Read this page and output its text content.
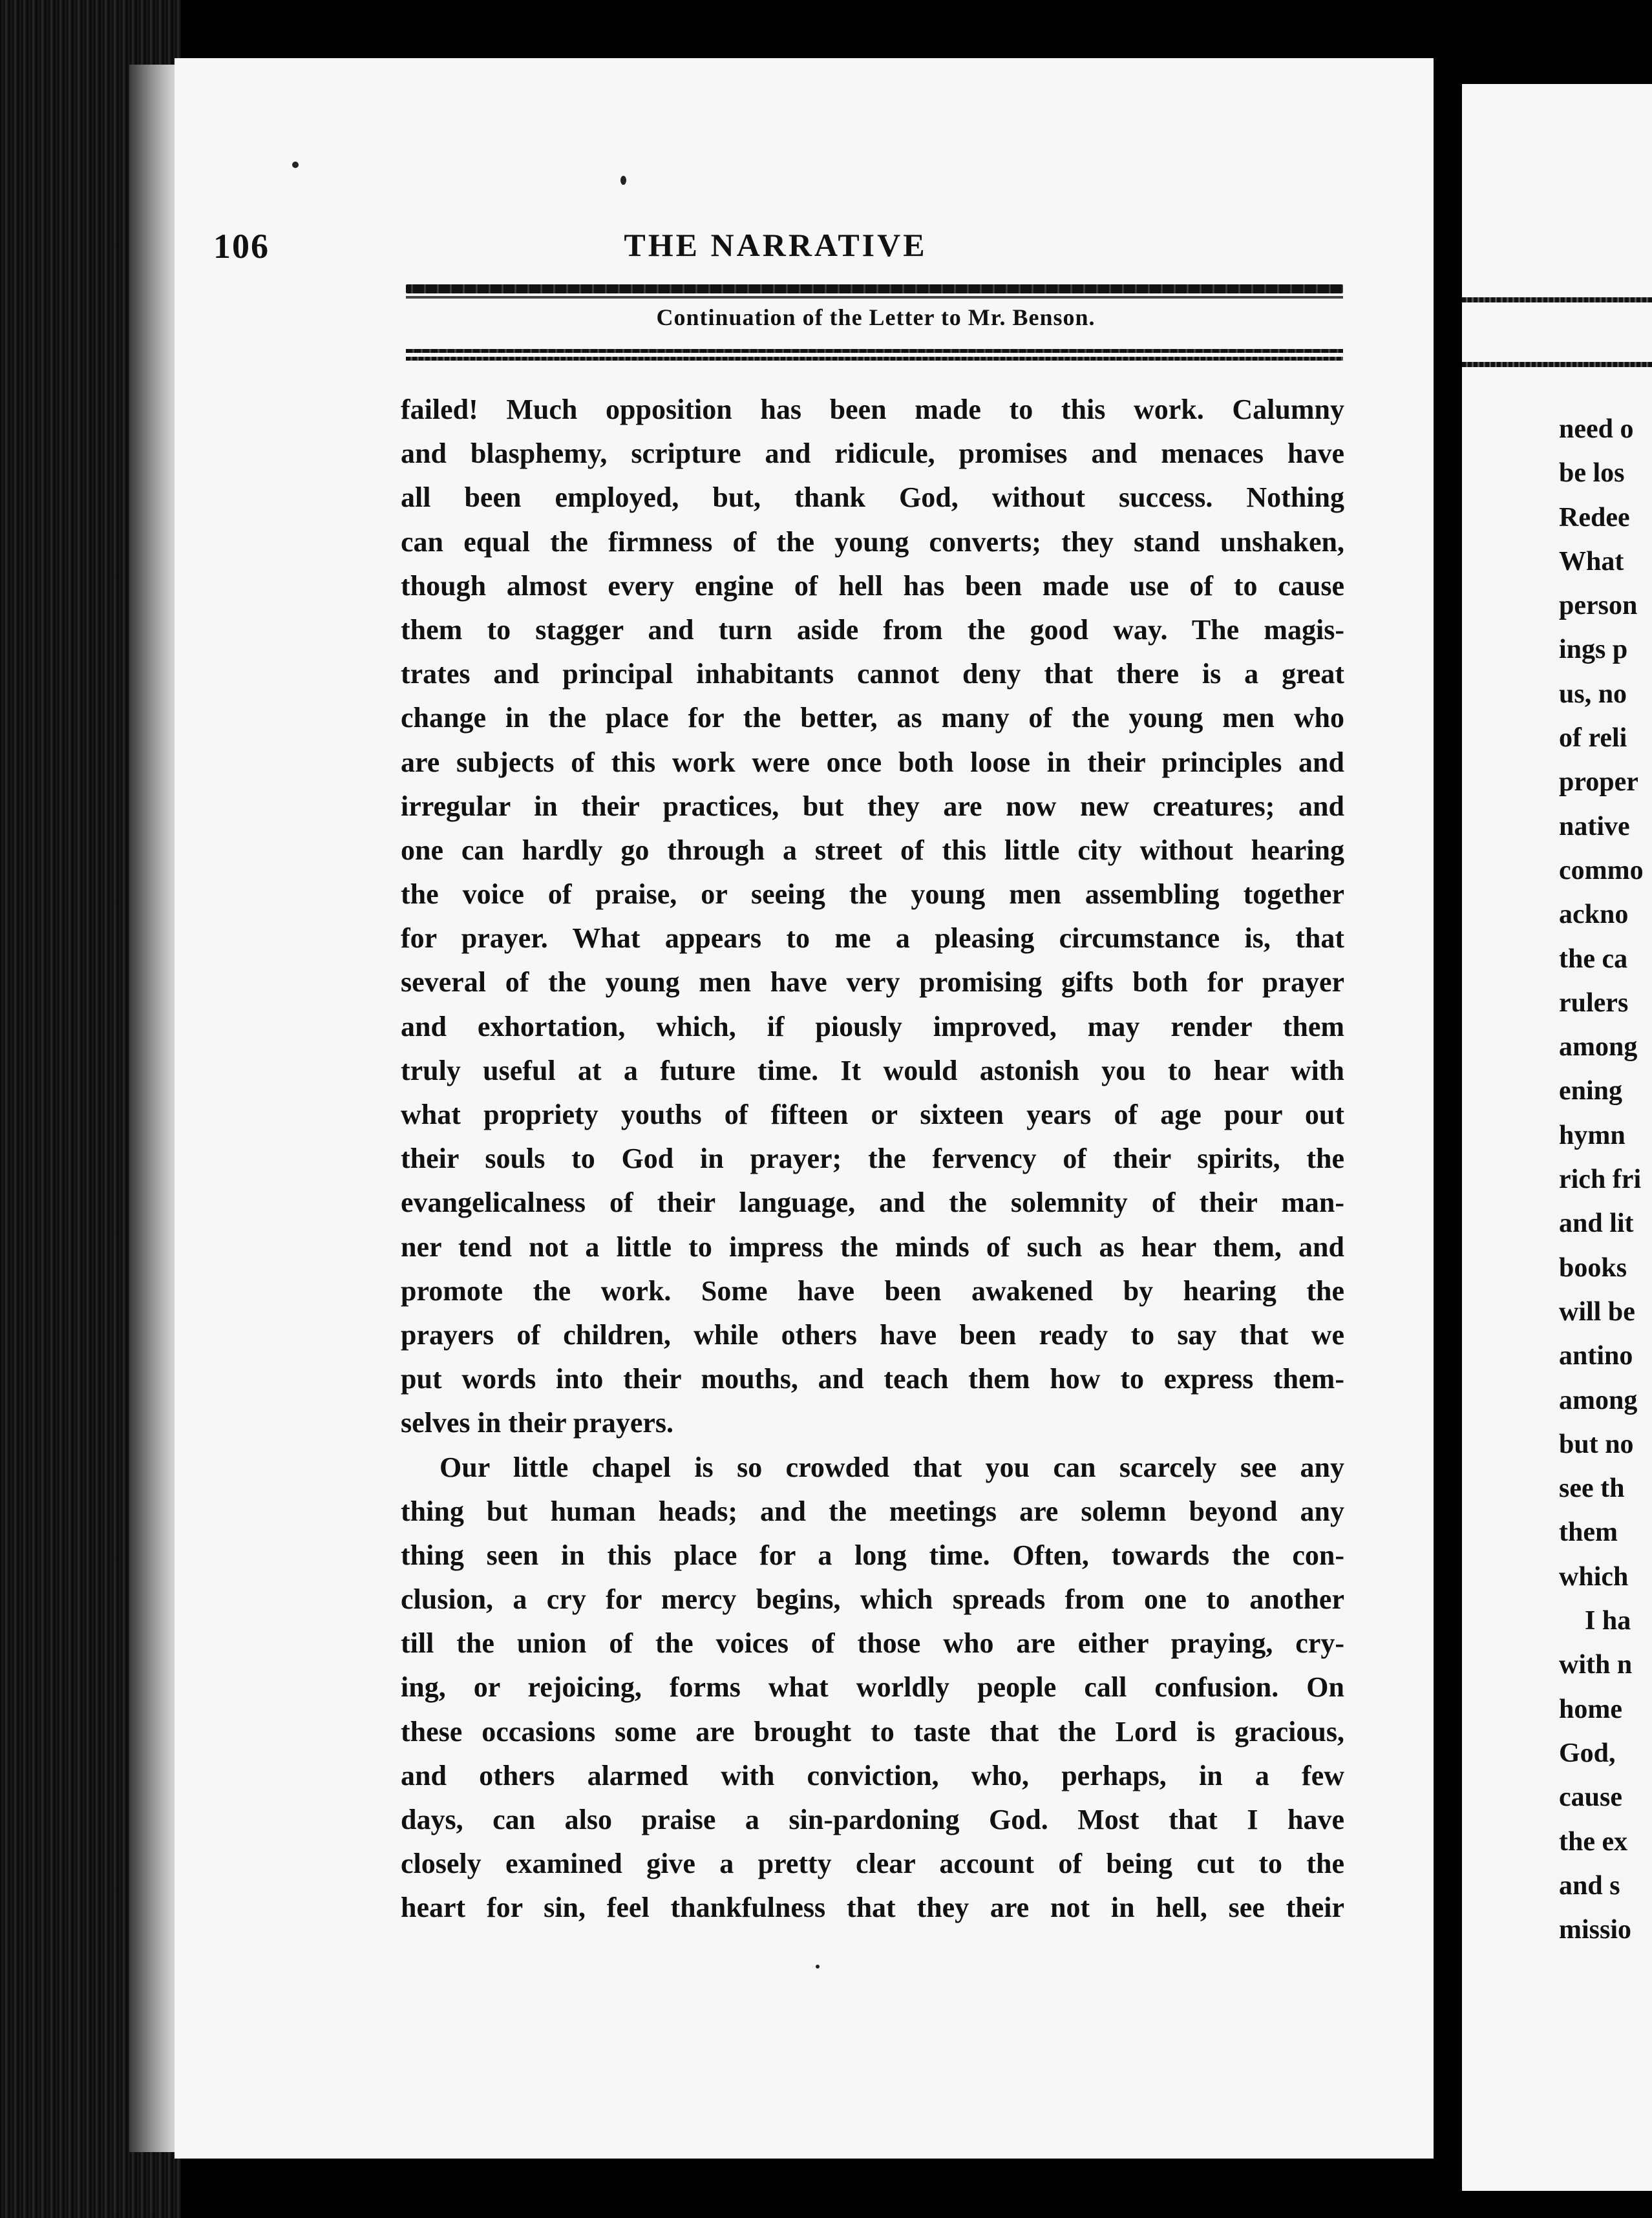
need o
be los
Redee
What
person
ings p
us, no
of reli
proper
native
commo
ackno
the ca
rulers
among
ening
hymn
rich fri
and lit
books
will be
antino
among
but no
see th
them
which
I ha
with n
home
God,
cause
the ex
and s
missio
106	THE NARRATIVE
Continuation of the Letter to Mr. Benson.
failed! Much opposition has been made to this work. Calumny
and blasphemy, scripture and ridicule, promises and menaces have
all been employed, but, thank God, without success. Nothing
can equal the firmness of the young converts; they stand unshaken,
though almost every engine of hell has been made use of to cause
them to stagger and turn aside from the good way. The magis-
trates and principal inhabitants cannot deny that there is a great
change in the place for the better, as many of the young men who
are subjects of this work were once both loose in their principles and
irregular in their practices, but they are now new creatures; and
one can hardly go through a street of this little city without hearing
the voice of praise, or seeing the young men assembling together
for prayer. What appears to me a pleasing circumstance is, that
several of the young men have very promising gifts both for prayer
and exhortation, which, if piously improved, may render them
truly useful at a future time. It would astonish you to hear with
what propriety youths of fifteen or sixteen years of age pour out
their souls to God in prayer; the fervency of their spirits, the
evangelicalness of their language, and the solemnity of their man-
ner tend not a little to impress the minds of such as hear them, and
promote the work. Some have been awakened by hearing the
prayers of children, while others have been ready to say that we
put words into their mouths, and teach them how to express them-
selves in their prayers.
Our little chapel is so crowded that you can scarcely see any
thing but human heads; and the meetings are solemn beyond any
thing seen in this place for a long time. Often, towards the con-
clusion, a cry for mercy begins, which spreads from one to another
till the union of the voices of those who are either praying, cry-
ing, or rejoicing, forms what worldly people call confusion. On
these occasions some are brought to taste that the Lord is gracious,
and others alarmed with conviction, who, perhaps, in a few
days, can also praise a sin-pardoning God. Most that I have
closely examined give a pretty clear account of being cut to the
heart for sin, feel thankfulness that they are not in hell, see their
